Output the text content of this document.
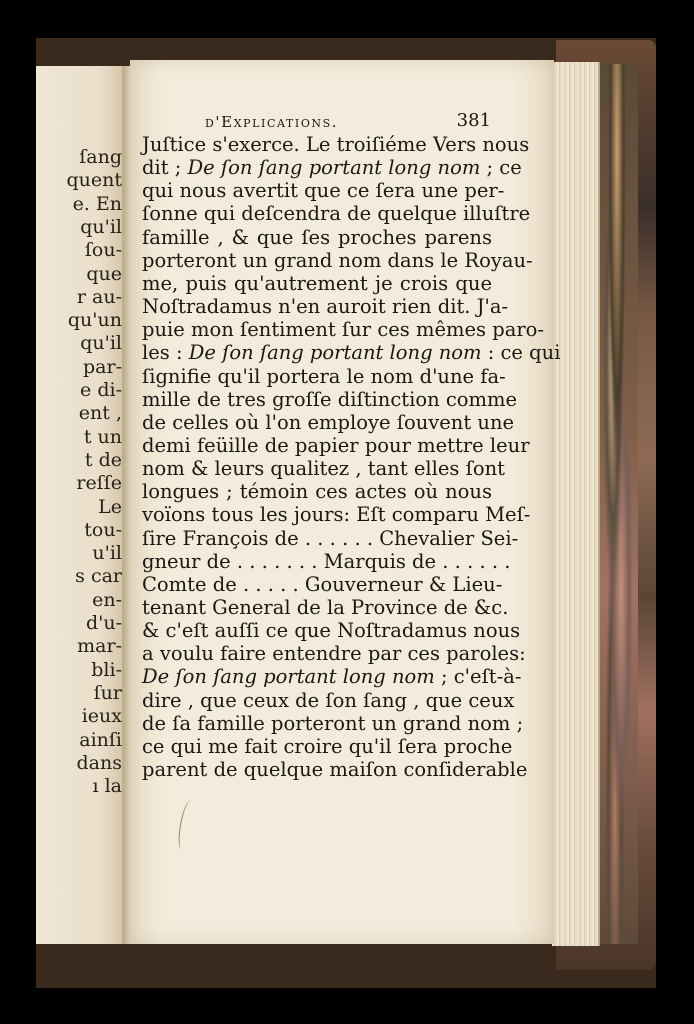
ſang
quent
e. En
qu'il
ſou-
que
r au-
qu'un
qu'il
par-
e di-
ent ,
t un
t de
reſſe
Le
tou-
u'il
s car
en-
d'u-
mar-
bli-
ſur
ieux
ainſi
dans
ı la
d'Explications.	381
Juſtice s'exerce. Le troiſiéme Vers nous
dit ; De ſon ſang portant long nom ; ce
qui nous avertit que ce ſera une per-
ſonne qui deſcendra de quelque illuſtre
famille , & que ſes proches parens
porteront un grand nom dans le Royau-
me, puis qu'autrement je crois que
Noſtradamus n'en auroit rien dit. J'a-
puie mon ſentiment ſur ces mêmes paro-
les : De ſon ſang portant long nom : ce qui
ſignifie qu'il portera le nom d'une fa-
mille de tres groſſe diſtinction comme
de celles où l'on employe ſouvent une
demi feüille de papier pour mettre leur
nom & leurs qualitez , tant elles ſont
longues ; témoin ces actes où nous
voïons tous les jours: Eſt comparu Meſ-
ſire François de . . . . . . Chevalier Sei-
gneur de . . . . . . . Marquis de . . . . . .
Comte de . . . . . Gouverneur & Lieu-
tenant General de la Province de &c.
& c'eſt auſſi ce que Noſtradamus nous
a voulu faire entendre par ces paroles:
De ſon ſang portant long nom ; c'eſt-à-
dire , que ceux de ſon ſang , que ceux
de ſa famille porteront un grand nom ;
ce qui me fait croire qu'il ſera proche
parent de quelque maiſon conſiderable
